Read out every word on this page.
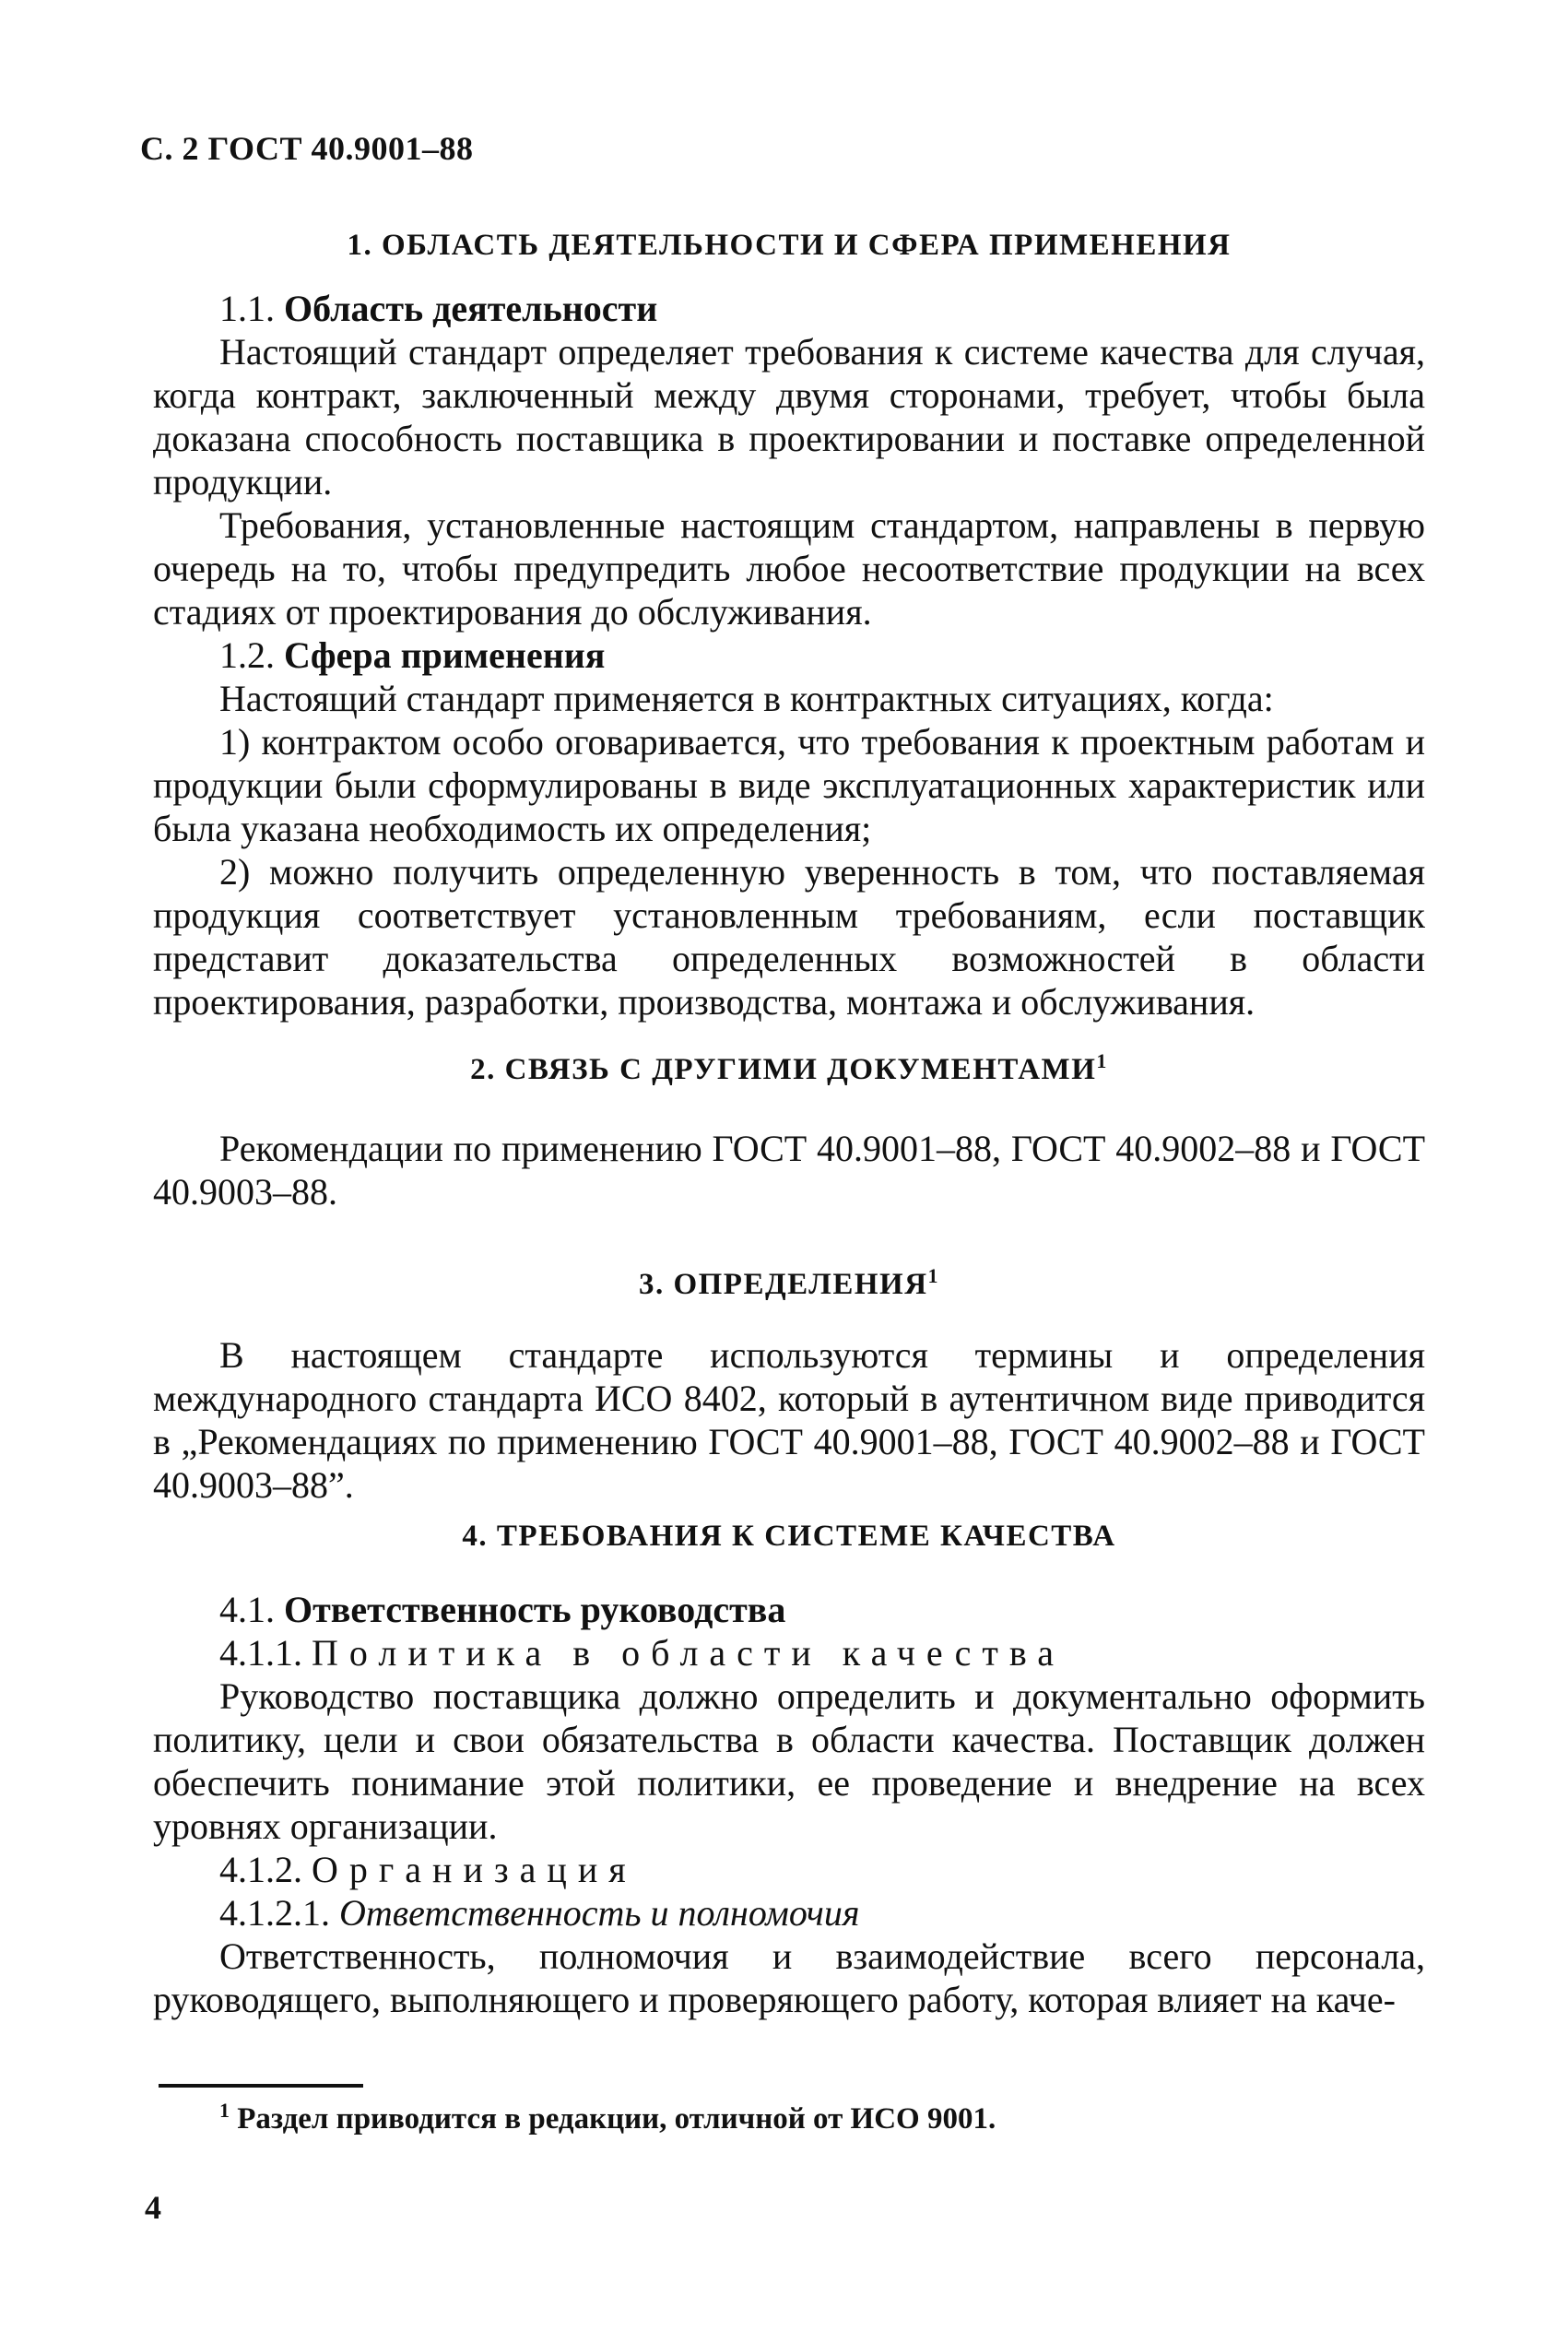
С. 2 ГОСТ 40.9001–88

1. ОБЛАСТЬ ДЕЯТЕЛЬНОСТИ И СФЕРА ПРИМЕНЕНИЯ

1.1. Область деятельности

Настоящий стандарт определяет требования к системе качества для случая, когда контракт, заключенный между двумя сторонами, требует, чтобы была доказана способность поставщика в проектировании и поставке определенной продукции.

Требования, установленные настоящим стандартом, направлены в первую очередь на то, чтобы предупредить любое несоответствие продукции на всех стадиях от проектирования до обслуживания.

1.2. Сфера применения

Настоящий стандарт применяется в контрактных ситуациях, когда:

1) контрактом особо оговаривается, что требования к проектным работам и продукции были сформулированы в виде эксплуатационных характеристик или была указана необходимость их определения;

2) можно получить определенную уверенность в том, что поставляемая продукция соответствует установленным требованиям, если поставщик представит доказательства определенных возможностей в области проектирования, разработки, производства, монтажа и обслуживания.

2. СВЯЗЬ С ДРУГИМИ ДОКУМЕНТАМИ$^1$

Рекомендации по применению ГОСТ 40.9001–88, ГОСТ 40.9002–88 и ГОСТ 40.9003–88.

3. ОПРЕДЕЛЕНИЯ$^1$

В настоящем стандарте используются термины и определения международного стандарта ИСО 8402, который в аутентичном виде приводится в „Рекомендациях по применению ГОСТ 40.9001–88, ГОСТ 40.9002–88 и ГОСТ 40.9003–88”.

4. ТРЕБОВАНИЯ К СИСТЕМЕ КАЧЕСТВА

4.1. Ответственность руководства

4.1.1. Политика в области качества

Руководство поставщика должно определить и документально оформить политику, цели и свои обязательства в области качества. Поставщик должен обеспечить понимание этой политики, ее проведение и внедрение на всех уровнях организации.

4.1.2. Организация

4.1.2.1. Ответственность и полномочия

Ответственность, полномочия и взаимодействие всего персонала, руководящего, выполняющего и проверяющего работу, которая влияет на каче-

$^1$ Раздел приводится в редакции, отличной от ИСО 9001.
4
